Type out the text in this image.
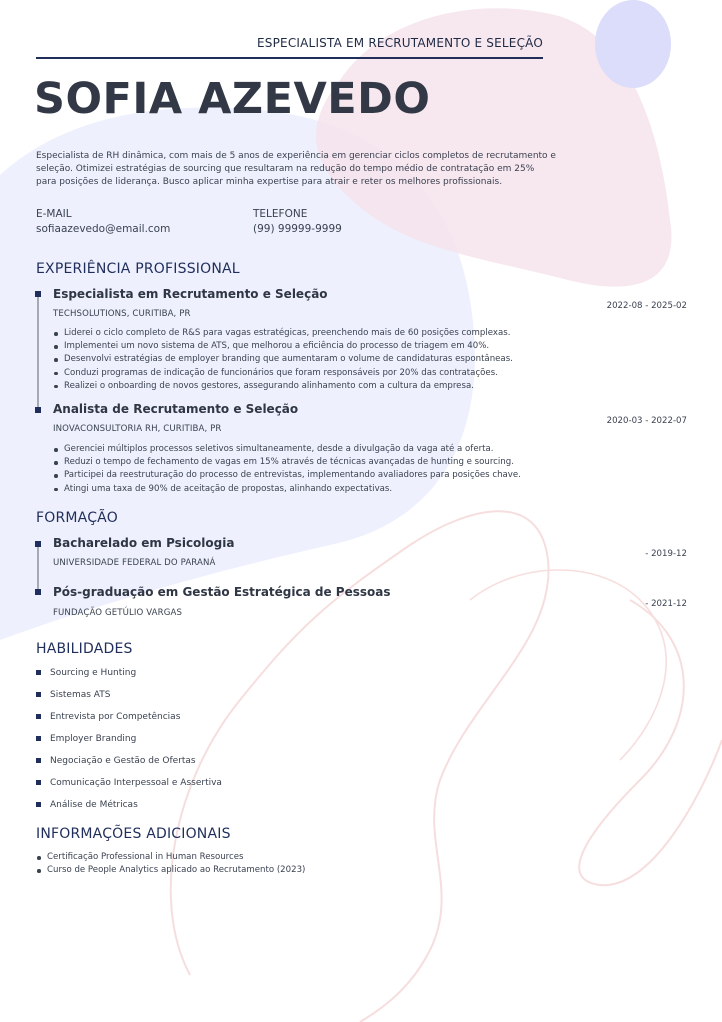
ESPECIALISTA EM RECRUTAMENTO E SELEÇÃO
SOFIA AZEVEDO
Especialista de RH dinâmica, com mais de 5 anos de experiência em gerenciar ciclos completos de recrutamento e seleção. Otimizei estratégias de sourcing que resultaram na redução do tempo médio de contratação em 25% para posições de liderança. Busco aplicar minha expertise para atrair e reter os melhores profissionais.
E-MAIL
sofiaazevedo@email.com
TELEFONE
(99) 99999-9999
EXPERIÊNCIA PROFISSIONAL
Especialista em Recrutamento e Seleção
TECHSOLUTIONS, CURITIBA, PR
2022-08 - 2025-02
Liderei o ciclo completo de R&S para vagas estratégicas, preenchendo mais de 60 posições complexas.
Implementei um novo sistema de ATS, que melhorou a eficiência do processo de triagem em 40%.
Desenvolvi estratégias de employer branding que aumentaram o volume de candidaturas espontâneas.
Conduzi programas de indicação de funcionários que foram responsáveis por 20% das contratações.
Realizei o onboarding de novos gestores, assegurando alinhamento com a cultura da empresa.
Analista de Recrutamento e Seleção
INOVACONSULTORIA RH, CURITIBA, PR
2020-03 - 2022-07
Gerenciei múltiplos processos seletivos simultaneamente, desde a divulgação da vaga até a oferta.
Reduzi o tempo de fechamento de vagas em 15% através de técnicas avançadas de hunting e sourcing.
Participei da reestruturação do processo de entrevistas, implementando avaliadores para posições chave.
Atingi uma taxa de 90% de aceitação de propostas, alinhando expectativas.
FORMAÇÃO
Bacharelado em Psicologia
UNIVERSIDADE FEDERAL DO PARANÁ
- 2019-12
Pós-graduação em Gestão Estratégica de Pessoas
FUNDAÇÃO GETÚLIO VARGAS
- 2021-12
HABILIDADES
Sourcing e Hunting
Sistemas ATS
Entrevista por Competências
Employer Branding
Negociação e Gestão de Ofertas
Comunicação Interpessoal e Assertiva
Análise de Métricas
INFORMAÇÕES ADICIONAIS
Certificação Professional in Human Resources
Curso de People Analytics aplicado ao Recrutamento (2023)
